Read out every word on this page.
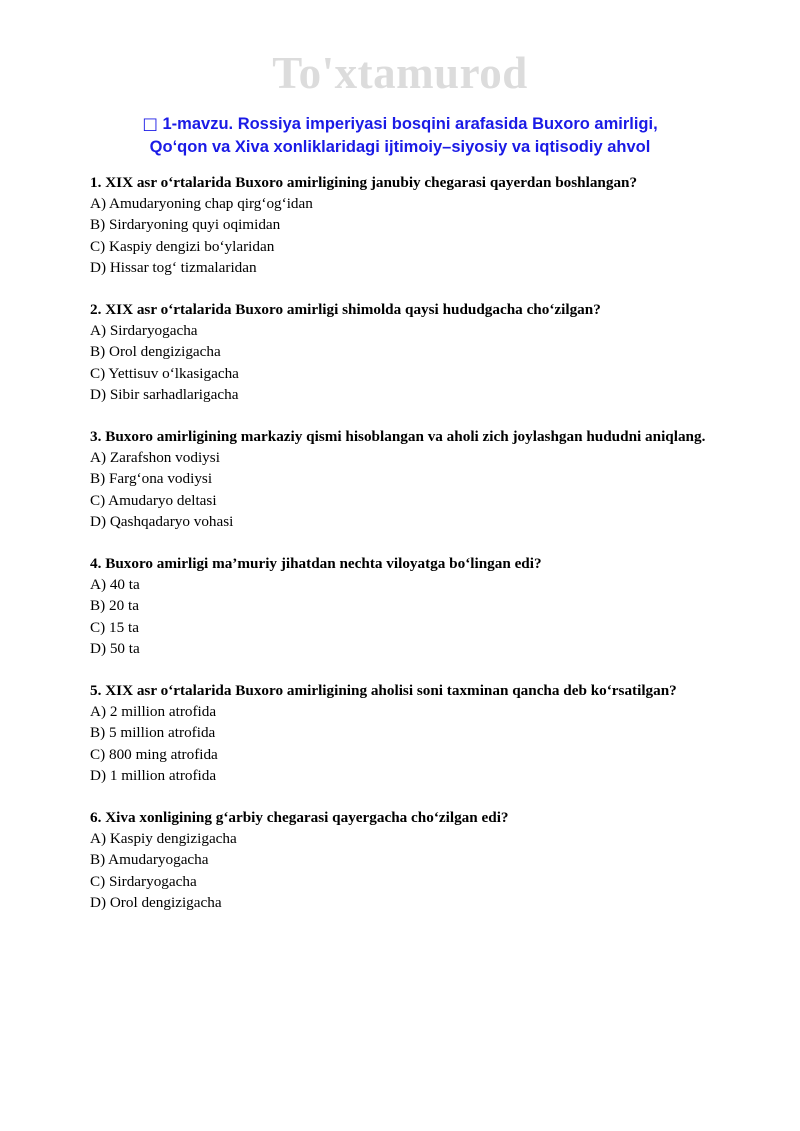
To'xtamurod
□ 1-mavzu. Rossiya imperiyasi bosqini arafasida Buxoro amirligi,
Qo‘qon va Xiva xonliklaridagi ijtimoiy–siyosiy va iqtisodiy ahvol

1. XIX asr o‘rtalarida Buxoro amirligining janubiy chegarasi qayerdan boshlangan?

A) Amudaryoning chap qirg‘og‘idan
B) Sirdaryoning quyi oqimidan
C) Kaspiy dengizi bo‘ylaridan
D) Hissar tog‘ tizmalaridan

2. XIX asr o‘rtalarida Buxoro amirligi shimolda qaysi hududgacha cho‘zilgan?

A) Sirdaryogacha
B) Orol dengizigacha
C) Yettisuv o‘lkasigacha
D) Sibir sarhadlarigacha

3. Buxoro amirligining markaziy qismi hisoblangan va aholi zich joylashgan hududni aniqlang.

A) Zarafshon vodiysi
B) Farg‘ona vodiysi
C) Amudaryo deltasi
D) Qashqadaryo vohasi

4. Buxoro amirligi ma’muriy jihatdan nechta viloyatga bo‘lingan edi?

A) 40 ta
B) 20 ta
C) 15 ta
D) 50 ta

5. XIX asr o‘rtalarida Buxoro amirligining aholisi soni taxminan qancha deb ko‘rsatilgan?

A) 2 million atrofida
B) 5 million atrofida
C) 800 ming atrofida
D) 1 million atrofida

6. Xiva xonligining g‘arbiy chegarasi qayergacha cho‘zilgan edi?

A) Kaspiy dengizigacha
B) Amudaryogacha
C) Sirdaryogacha
D) Orol dengizigacha
